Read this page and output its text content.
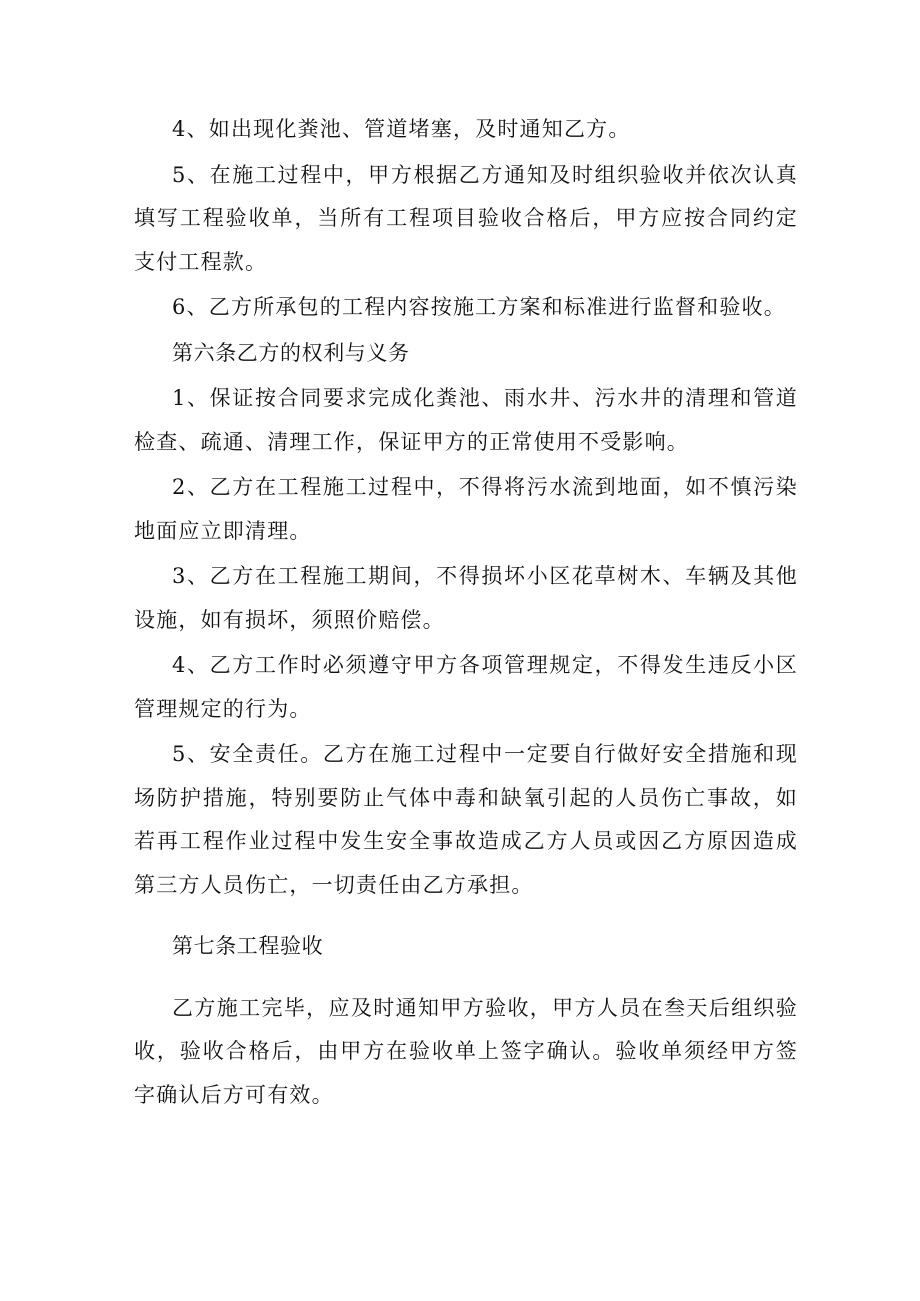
4、如出现化粪池、管道堵塞，及时通知乙方。

5、在施工过程中，甲方根据乙方通知及时组织验收并依次认真填写工程验收单，当所有工程项目验收合格后，甲方应按合同约定支付工程款。

6、乙方所承包的工程内容按施工方案和标准进行监督和验收。

第六条乙方的权利与义务

1、保证按合同要求完成化粪池、雨水井、污水井的清理和管道检查、疏通、清理工作，保证甲方的正常使用不受影响。

2、乙方在工程施工过程中，不得将污水流到地面，如不慎污染地面应立即清理。

3、乙方在工程施工期间，不得损坏小区花草树木、车辆及其他设施，如有损坏，须照价赔偿。

4、乙方工作时必须遵守甲方各项管理规定，不得发生违反小区管理规定的行为。

5、安全责任。乙方在施工过程中一定要自行做好安全措施和现场防护措施，特别要防止气体中毒和缺氧引起的人员伤亡事故，如若再工程作业过程中发生安全事故造成乙方人员或因乙方原因造成第三方人员伤亡，一切责任由乙方承担。

第七条工程验收

乙方施工完毕，应及时通知甲方验收，甲方人员在叁天后组织验收，验收合格后，由甲方在验收单上签字确认。验收单须经甲方签字确认后方可有效。
